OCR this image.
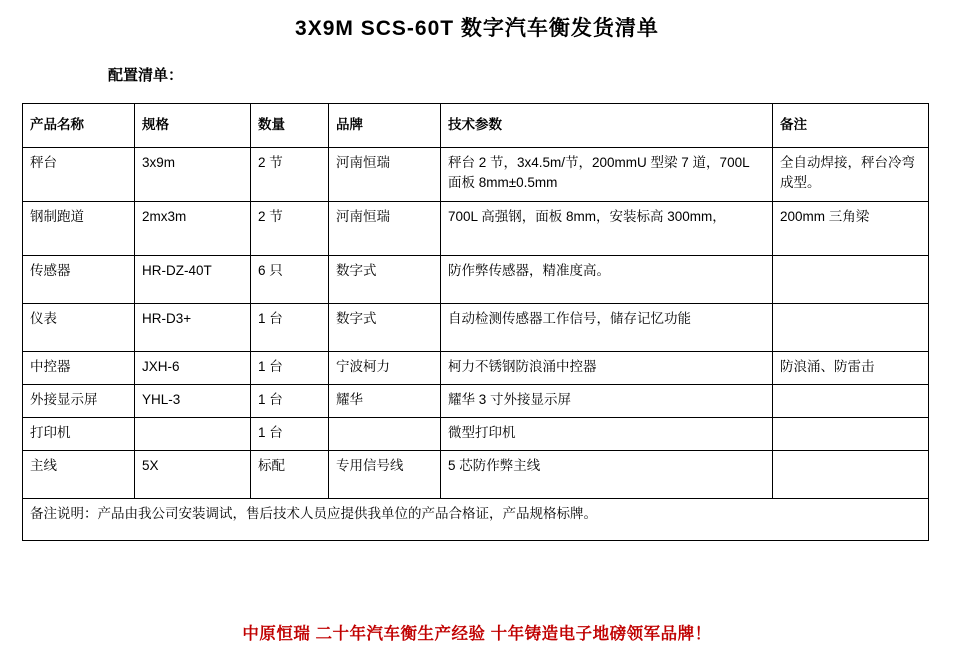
3X9M SCS-60T 数字汽车衡发货清单
配置清单：
产品名称	规格	数量	品牌	技术参数	备注
秤台	3x9m	2 节	河南恒瑞	秤台 2 节，3x4.5m/节，200mmU 型梁 7 道，700L 面板 8mm±0.5mm	全自动焊接，秤台冷弯成型。
钢制跑道	2mx3m	2 节	河南恒瑞	700L 高强钢，面板 8mm，安装标高 300mm，	200mm 三角梁
传感器	HR-DZ-40T	6 只	数字式	防作弊传感器，精准度高。	
仪表	HR-D3+	1 台	数字式	自动检测传感器工作信号，储存记忆功能	
中控器	JXH-6	1 台	宁波柯力	柯力不锈钢防浪涌中控器	防浪涌、防雷击
外接显示屏	YHL-3	1 台	耀华	耀华 3 寸外接显示屏	
打印机		1 台		微型打印机	
主线	5X	标配	专用信号线	5 芯防作弊主线	
备注说明：产品由我公司安装调试，售后技术人员应提供我单位的产品合格证，产品规格标牌。					
中原恒瑞 二十年汽车衡生产经验 十年铸造电子地磅领军品牌！
